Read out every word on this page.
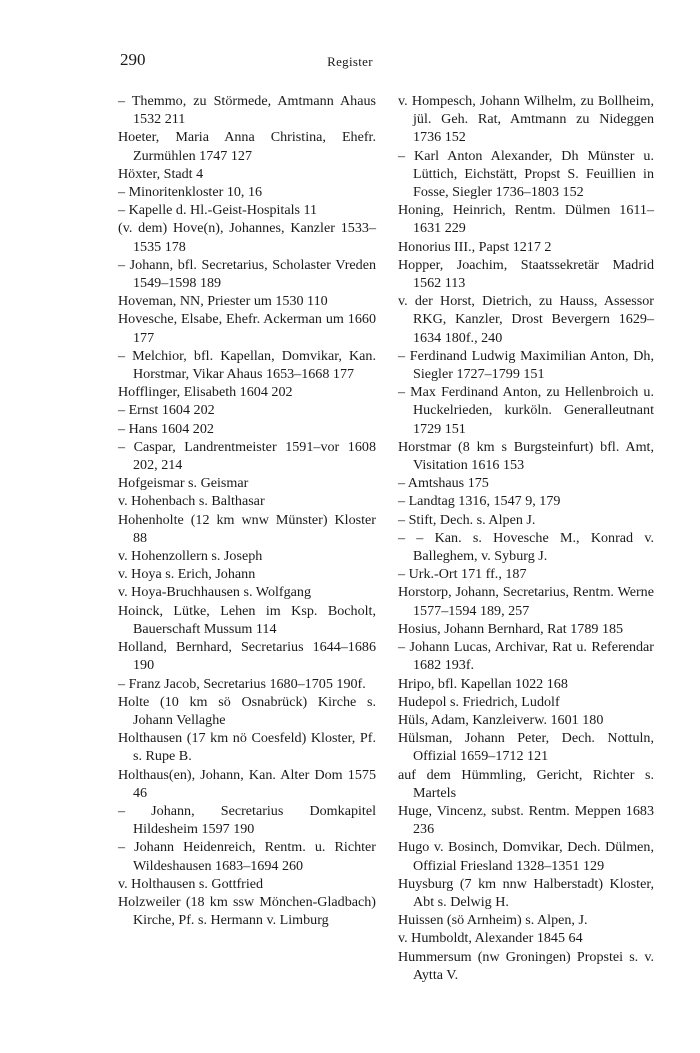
290	Register

– Themmo, zu Störmede, Amtmann Ahaus 1532 211

Hoeter, Maria Anna Christina, Ehefr. Zurmühlen 1747 127

Höxter, Stadt 4

– Minoritenkloster 10, 16

– Kapelle d. Hl.-Geist-Hospitals 11

(v. dem) Hove(n), Johannes, Kanzler 1533–1535 178

– Johann, bfl. Secretarius, Scholaster Vreden 1549–1598 189

Hoveman, NN, Priester um 1530 110

Hovesche, Elsabe, Ehefr. Ackerman um 1660 177

– Melchior, bfl. Kapellan, Domvikar, Kan. Horstmar, Vikar Ahaus 1653–1668 177

Hofflinger, Elisabeth 1604 202

– Ernst 1604 202

– Hans 1604 202

– Caspar, Landrentmeister 1591–vor 1608 202, 214

Hofgeismar s. Geismar

v. Hohenbach s. Balthasar

Hohenholte (12 km wnw Münster) Kloster 88

v. Hohenzollern s. Joseph

v. Hoya s. Erich, Johann

v. Hoya-Bruchhausen s. Wolfgang

Hoinck, Lütke, Lehen im Ksp. Bocholt, Bauerschaft Mussum 114

Holland, Bernhard, Secretarius 1644–1686 190

– Franz Jacob, Secretarius 1680–1705 190f.

Holte (10 km sö Osnabrück) Kirche s. Johann Vellaghe

Holthausen (17 km nö Coesfeld) Kloster, Pf. s. Rupe B.

Holthaus(en), Johann, Kan. Alter Dom 1575 46

– Johann, Secretarius Domkapitel Hildesheim 1597 190

– Johann Heidenreich, Rentm. u. Richter Wildeshausen 1683–1694 260

v. Holthausen s. Gottfried

Holzweiler (18 km ssw Mönchen-Gladbach) Kirche, Pf. s. Hermann v. Limburg

v. Hompesch, Johann Wilhelm, zu Bollheim, jül. Geh. Rat, Amtmann zu Nideggen 1736 152

– Karl Anton Alexander, Dh Münster u. Lüttich, Eichstätt, Propst S. Feuillien in Fosse, Siegler 1736–1803 152

Honing, Heinrich, Rentm. Dülmen 1611–1631 229

Honorius III., Papst 1217 2

Hopper, Joachim, Staatssekretär Madrid 1562 113

v. der Horst, Dietrich, zu Hauss, Assessor RKG, Kanzler, Drost Bevergern 1629–1634 180f., 240

– Ferdinand Ludwig Maximilian Anton, Dh, Siegler 1727–1799 151

– Max Ferdinand Anton, zu Hellenbroich u. Huckelrieden, kurköln. Generalleutnant 1729 151

Horstmar (8 km s Burgsteinfurt) bfl. Amt, Visitation 1616 153

– Amtshaus 175

– Landtag 1316, 1547 9, 179

– Stift, Dech. s. Alpen J.

– – Kan. s. Hovesche M., Konrad v. Balleghem, v. Syburg J.

– Urk.-Ort 171 ff., 187

Horstorp, Johann, Secretarius, Rentm. Werne 1577–1594 189, 257

Hosius, Johann Bernhard, Rat 1789 185

– Johann Lucas, Archivar, Rat u. Referendar 1682 193f.

Hripo, bfl. Kapellan 1022 168

Hudepol s. Friedrich, Ludolf

Hüls, Adam, Kanzleiverw. 1601 180

Hülsman, Johann Peter, Dech. Nottuln, Offizial 1659–1712 121

auf dem Hümmling, Gericht, Richter s. Martels

Huge, Vincenz, subst. Rentm. Meppen 1683 236

Hugo v. Bosinch, Domvikar, Dech. Dülmen, Offizial Friesland 1328–1351 129

Huysburg (7 km nnw Halberstadt) Kloster, Abt s. Delwig H.

Huissen (sö Arnheim) s. Alpen, J.

v. Humboldt, Alexander 1845 64

Hummersum (nw Groningen) Propstei s. v. Aytta V.
